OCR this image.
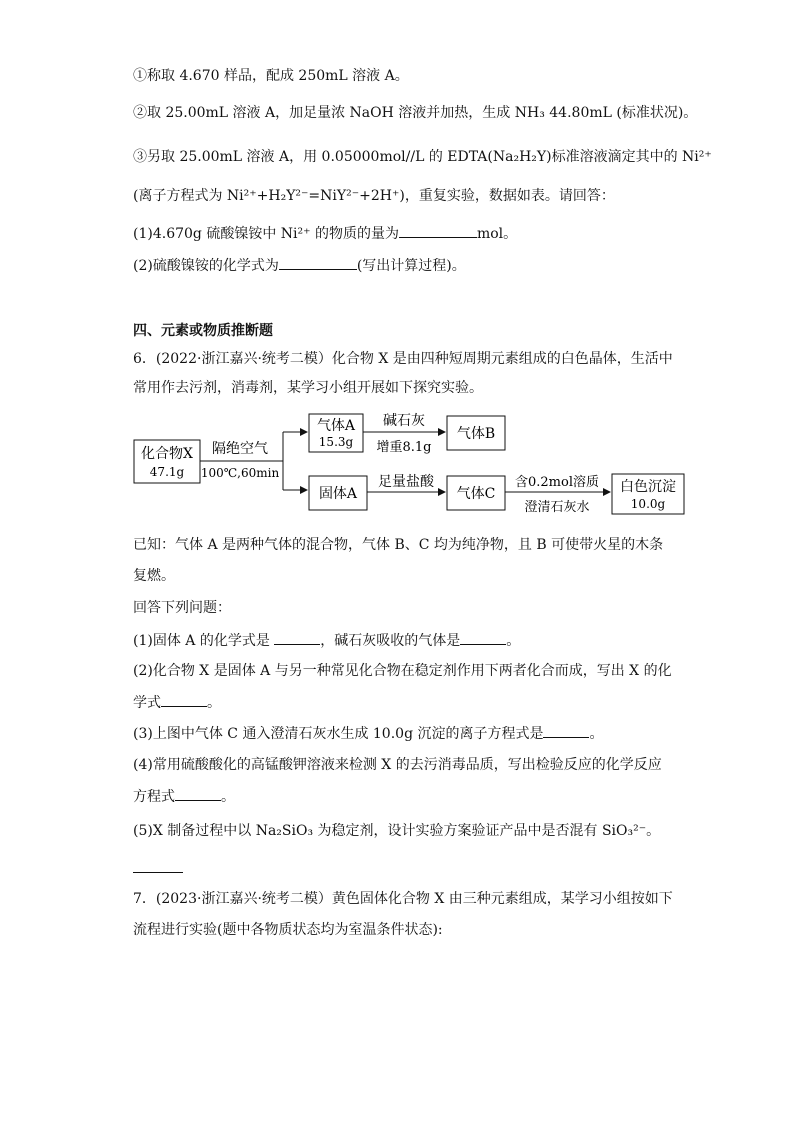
①称取 4.670 样品，配成 250mL 溶液 A。
②取 25.00mL 溶液 A，加足量浓 NaOH 溶液并加热，生成 NH₃ 44.80mL (标准状况)。
③另取 25.00mL 溶液 A，用 0.05000mol//L 的 EDTA(Na₂H₂Y)标准溶液滴定其中的 Ni²⁺
(离子方程式为 Ni²⁺+H₂Y²⁻=NiY²⁻+2H⁺)，重复实验，数据如表。请回答：
(1)4.670g 硫酸镍铵中 Ni²⁺ 的物质的量为	mol。
(2)硫酸镍铵的化学式为	(写出计算过程)。
四、元素或物质推断题
6．(2022·浙江嘉兴·统考二模）化合物 X 是由四种短周期元素组成的白色晶体，生活中
常用作去污剂，消毒剂，某学习小组开展如下探究实验。
化合物X
47.1g
隔绝空气
100℃,60min
气体A
15.3g
碱石灰
增重8.1g
气体B
固体A
足量盐酸
气体C
含0.2mol溶质
澄清石灰水
白色沉淀
10.0g
已知：气体 A 是两种气体的混合物，气体 B、C 均为纯净物，且 B 可使带火星的木条
复燃。
回答下列问题：
(1)固体 A 的化学式是	，碱石灰吸收的气体是	。
(2)化合物 X 是固体 A 与另一种常见化合物在稳定剂作用下两者化合而成，写出 X 的化
学式	。
(3)上图中气体 C 通入澄清石灰水生成 10.0g 沉淀的离子方程式是	。
(4)常用硫酸酸化的高锰酸钾溶液来检测 X 的去污消毒品质，写出检验反应的化学反应
方程式	。
(5)X 制备过程中以 Na₂SiO₃ 为稳定剂，设计实验方案验证产品中是否混有 SiO₃²⁻。
7．(2023·浙江嘉兴·统考二模）黄色固体化合物 X 由三种元素组成，某学习小组按如下
流程进行实验(题中各物质状态均为室温条件状态):
